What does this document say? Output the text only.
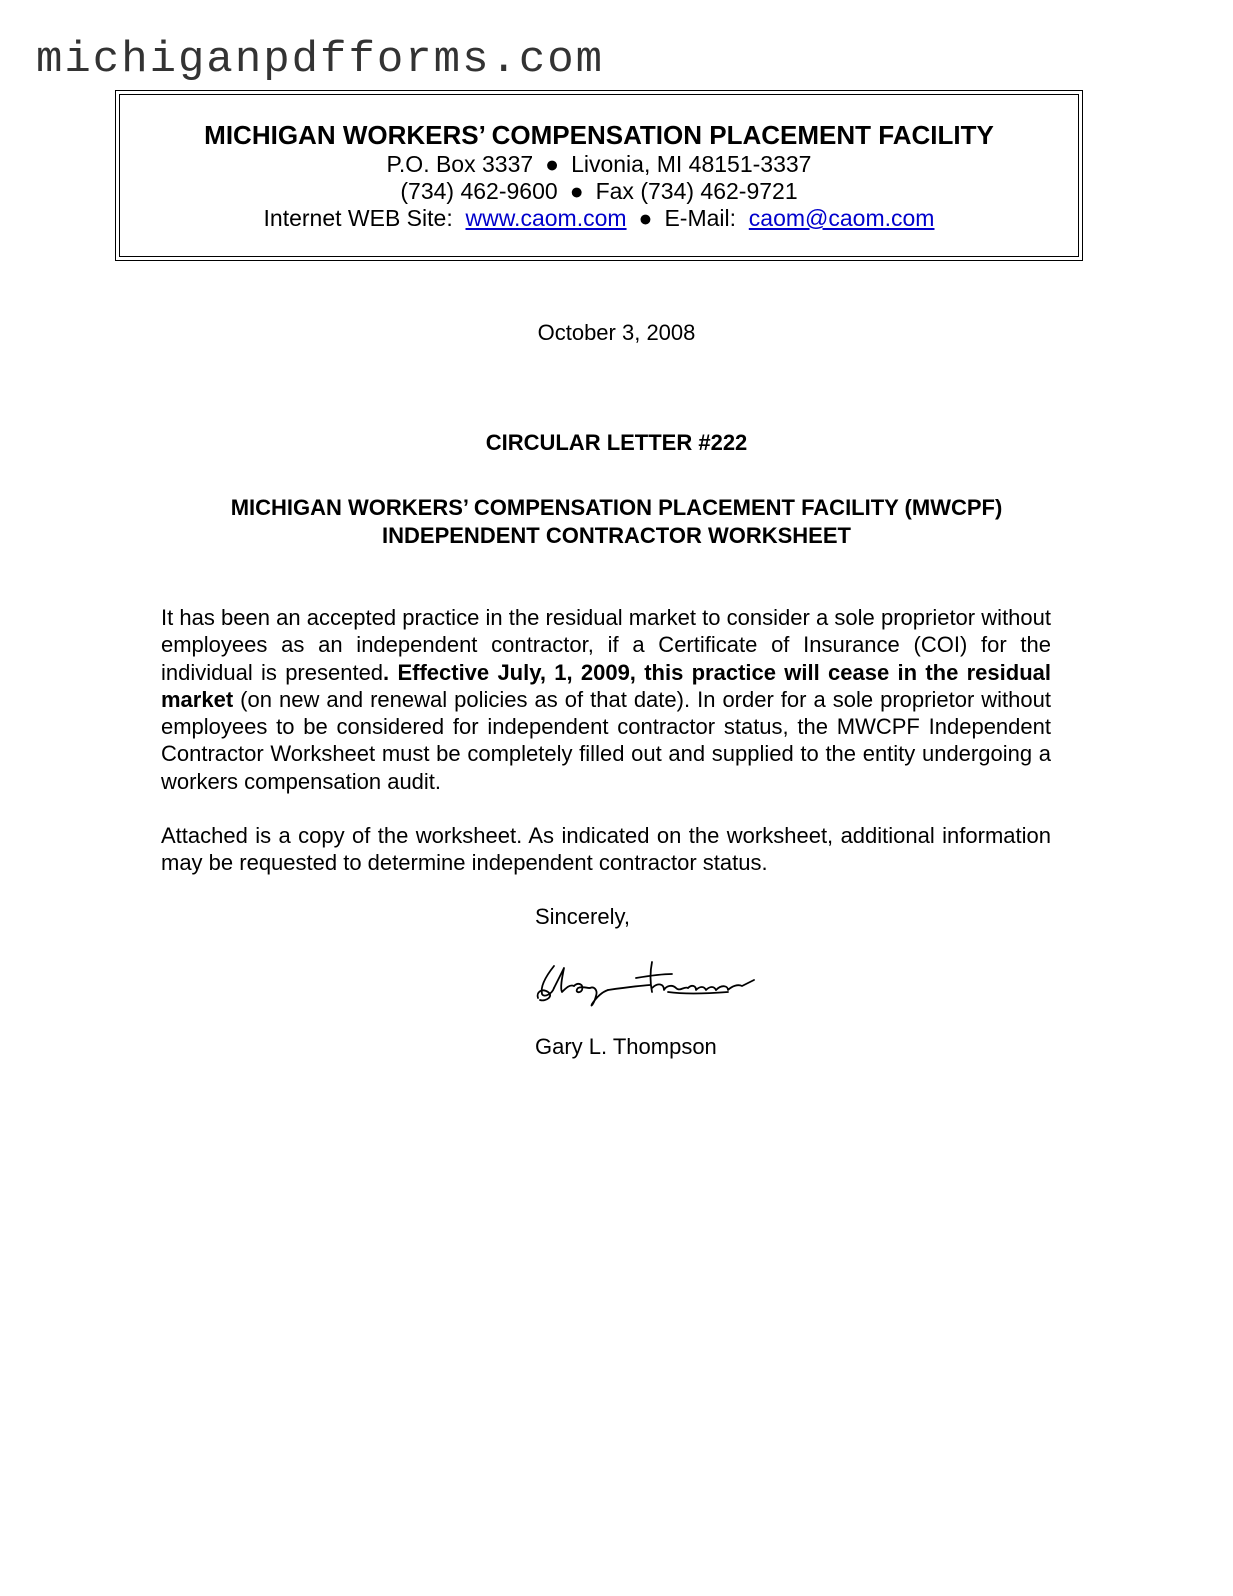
michiganpdfforms.com
MICHIGAN WORKERS’ COMPENSATION PLACEMENT FACILITY
P.O. Box 3337 ● Livonia, MI 48151-3337
(734) 462-9600 ● Fax (734) 462-9721
Internet WEB Site: www.caom.com ● E-Mail: caom@caom.com
October 3, 2008
CIRCULAR LETTER #222
MICHIGAN WORKERS’ COMPENSATION PLACEMENT FACILITY (MWCPF)
INDEPENDENT CONTRACTOR WORKSHEET
It has been an accepted practice in the residual market to consider a sole proprietor without employees as an independent contractor, if a Certificate of Insurance (COI) for the individual is presented. Effective July, 1, 2009, this practice will cease in the residual market (on new and renewal policies as of that date). In order for a sole proprietor without employees to be considered for independent contractor status, the MWCPF Independent Contractor Worksheet must be completely filled out and supplied to the entity undergoing a workers compensation audit.
Attached is a copy of the worksheet. As indicated on the worksheet, additional information may be requested to determine independent contractor status.
Sincerely,
Gary L. Thompson
